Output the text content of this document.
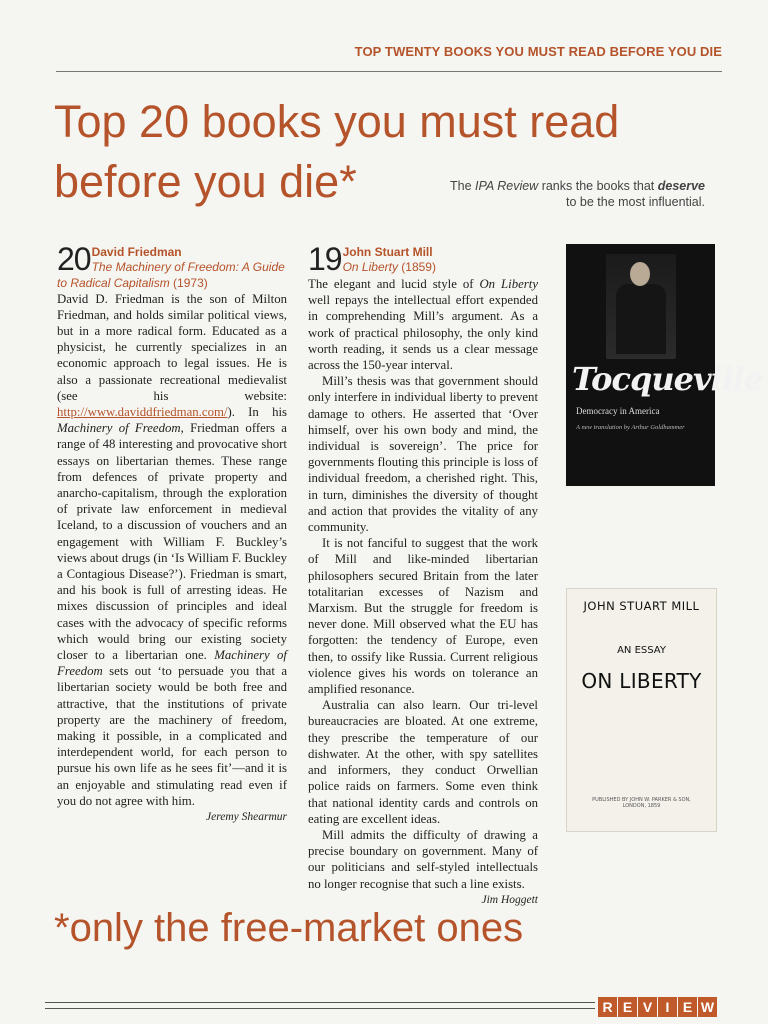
TOP TWENTY BOOKS YOU MUST READ BEFORE YOU DIE
Top 20 books you must read
before you die*	The IPA Review ranks the books that deserve
to be the most influential.
20 David Friedman
The Machinery of Freedom: A Guide
to Radical Capitalism (1973)

David D. Friedman is the son of Milton Friedman, and holds similar political views, but in a more radical form. Educated as a physicist, he currently specializes in an economic approach to legal issues. He is also a passionate recreational medievalist (see his website: http://www.daviddfriedman.com/). In his Machinery of Freedom, Friedman offers a range of 48 interesting and provocative short essays on libertarian themes. These range from defences of private property and anarcho-capitalism, through the exploration of private law enforcement in medieval Iceland, to a discussion of vouchers and an engagement with William F. Buckley’s views about drugs (in ‘Is William F. Buckley a Contagious Disease?’). Friedman is smart, and his book is full of arresting ideas. He mixes discussion of principles and ideal cases with the advocacy of specific reforms which would bring our existing society closer to a libertarian one. Machinery of Freedom sets out ‘to persuade you that a libertarian society would be both free and attractive, that the institutions of private property are the machinery of freedom, making it possible, in a complicated and interdependent world, for each person to pursue his own life as he sees fit’—and it is an enjoyable and stimulating read even if you do not agree with him.

Jeremy Shearmur

19 John Stuart Mill
On Liberty (1859)

The elegant and lucid style of On Liberty well repays the intellectual effort expended in comprehending Mill’s argument. As a work of practical philosophy, the only kind worth reading, it sends us a clear message across the 150-year interval.

Mill’s thesis was that government should only interfere in individual liberty to prevent damage to others. He asserted that ‘Over himself, over his own body and mind, the individual is sovereign’. The price for governments flouting this principle is loss of individual freedom, a cherished right. This, in turn, diminishes the diversity of thought and action that provides the vitality of any community.

It is not fanciful to suggest that the work of Mill and like-minded libertarian philosophers secured Britain from the later totalitarian excesses of Nazism and Marxism. But the struggle for freedom is never done. Mill observed what the EU has forgotten: the tendency of Europe, even then, to ossify like Russia. Current religious violence gives his words on tolerance an amplified resonance.

Australia can also learn. Our tri-level bureaucracies are bloated. At one extreme, they prescribe the temperature of our dishwater. At the other, with spy satellites and informers, they conduct Orwellian police raids on farmers. Some even think that national identity cards and controls on eating are excellent ideas.

Mill admits the difficulty of drawing a precise boundary on government. Many of our politicians and self-styled intellectuals no longer recognise that such a line exists.

Jim Hoggett

Tocqueville
Democracy in America
A new translation by Arthur Goldhammer
JOHN STUART MILL
AN ESSAY
ON LIBERTY
PUBLISHED BY JOHN W. PARKER & SON, LONDON, 1859
*only the free-market ones
R E V I E W
